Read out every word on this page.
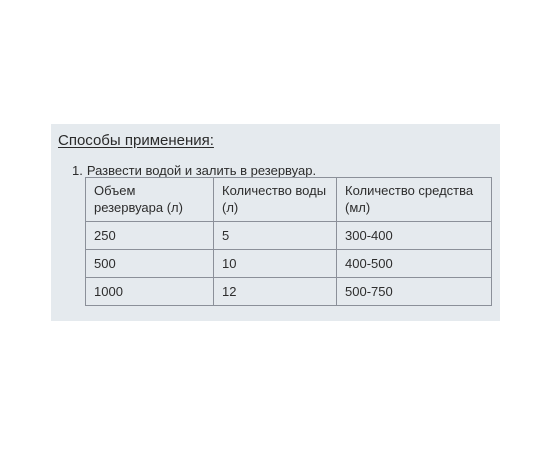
Способы применения:
1. Развести водой и залить в резервуар.
Объем резервуара (л)	Количество воды (л)	Количество средства (мл)
250	5	300-400
500	10	400-500
1000	12	500-750
